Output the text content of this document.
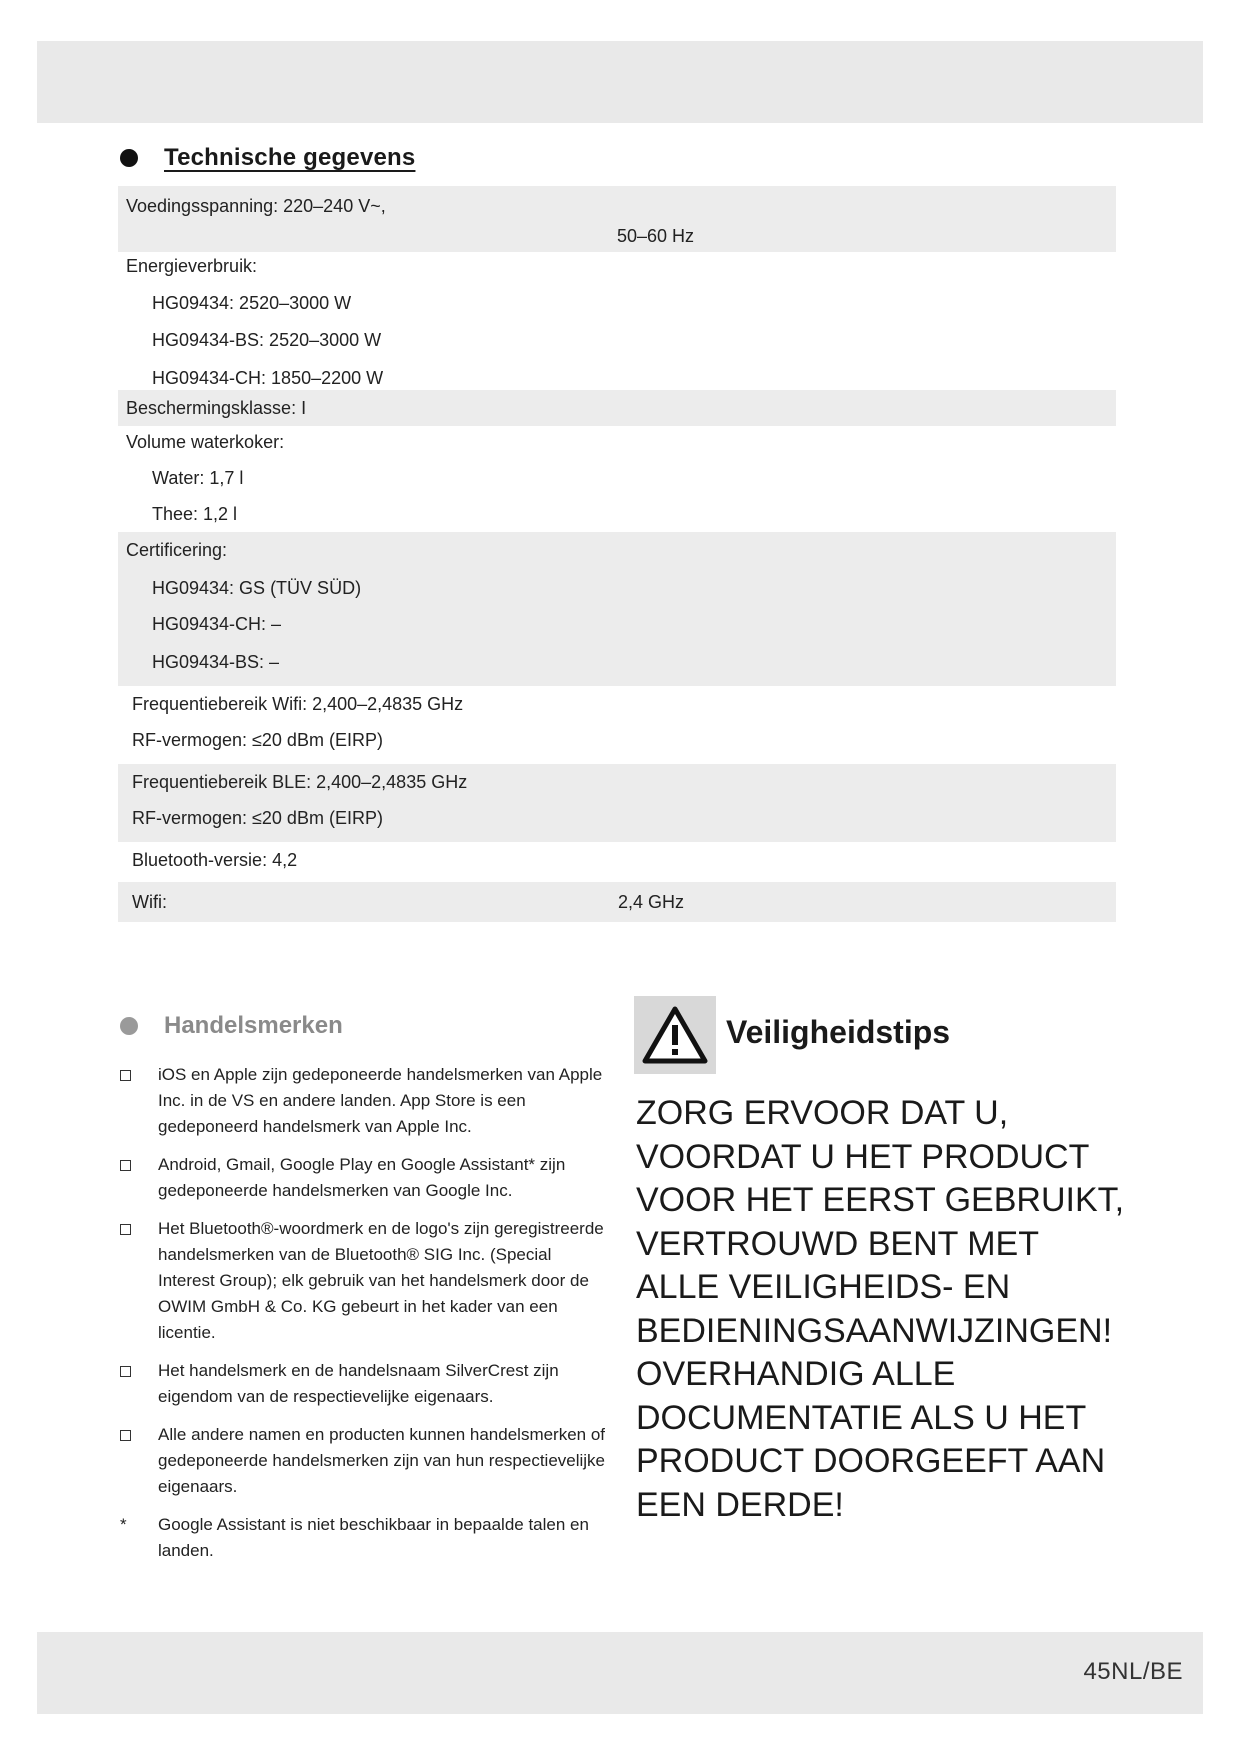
Technische gegevens
Voedingsspanning: 220–240 V~,
50–60 Hz
Energieverbruik:
HG09434: 2520–3000 W
HG09434-BS: 2520–3000 W
HG09434-CH: 1850–2200 W
Beschermingsklasse: I
Volume waterkoker:
Water: 1,7 l
Thee: 1,2 l
Certificering:
HG09434: GS (TÜV SÜD)
HG09434-CH: –
HG09434-BS: –
Frequentiebereik Wifi: 2,400–2,4835 GHz
RF-vermogen: ≤20 dBm (EIRP)
Frequentiebereik BLE: 2,400–2,4835 GHz
RF-vermogen: ≤20 dBm (EIRP)
Bluetooth-versie: 4,2
Wifi:	2,4 GHz
Handelsmerken
iOS en Apple zijn gedeponeerde handelsmerken van Apple Inc. in de VS en andere landen. App Store is een gedeponeerd handelsmerk van Apple Inc.
Android, Gmail, Google Play en Google Assistant* zijn gedeponeerde handelsmerken van Google Inc.
Het Bluetooth®-woordmerk en de logo's zijn geregistreerde handelsmerken van de Bluetooth® SIG Inc. (Special Interest Group); elk gebruik van het handelsmerk door de OWIM GmbH & Co. KG gebeurt in het kader van een licentie.
Het handelsmerk en de handelsnaam SilverCrest zijn eigendom van de respectievelijke eigenaars.
Alle andere namen en producten kunnen handelsmerken of gedeponeerde handelsmerken zijn van hun respectievelijke eigenaars.
* Google Assistant is niet beschikbaar in bepaalde talen en landen.
Veiligheidstips
ZORG ERVOOR DAT U,
VOORDAT U HET PRODUCT
VOOR HET EERST GEBRUIKT,
VERTROUWD BENT MET
ALLE VEILIGHEIDS- EN
BEDIENINGSAANWIJZINGEN!
OVERHANDIG ALLE
DOCUMENTATIE ALS U HET
PRODUCT DOORGEEFT AAN
EEN DERDE!
45NL/BE
